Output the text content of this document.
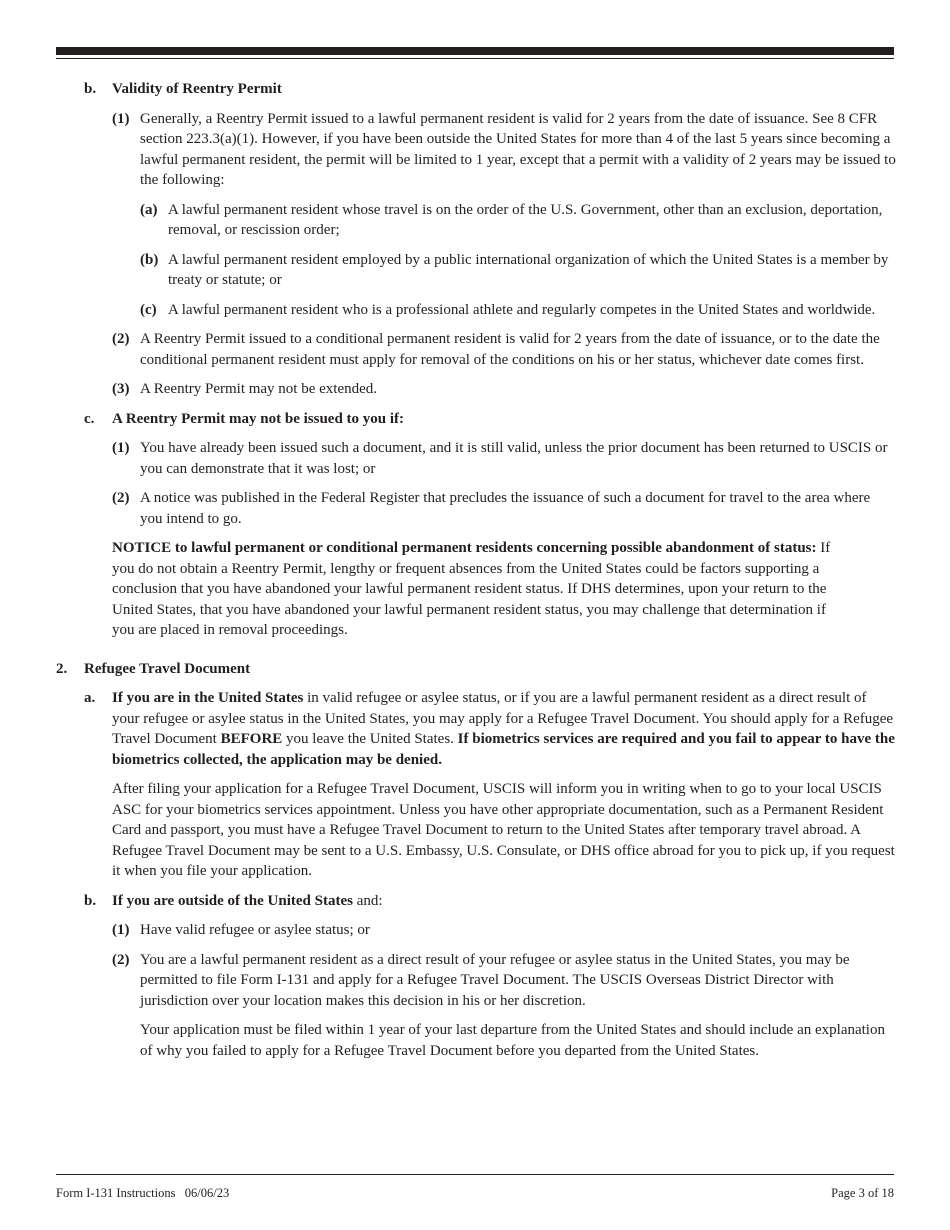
b.	Validity of Reentry Permit
(1) Generally, a Reentry Permit issued to a lawful permanent resident is valid for 2 years from the date of issuance. See 8 CFR section 223.3(a)(1). However, if you have been outside the United States for more than 4 of the last 5 years since becoming a lawful permanent resident, the permit will be limited to 1 year, except that a permit with a validity of 2 years may be issued to the following:
(a) A lawful permanent resident whose travel is on the order of the U.S. Government, other than an exclusion, deportation, removal, or rescission order;
(b) A lawful permanent resident employed by a public international organization of which the United States is a member by treaty or statute; or
(c) A lawful permanent resident who is a professional athlete and regularly competes in the United States and worldwide.
(2) A Reentry Permit issued to a conditional permanent resident is valid for 2 years from the date of issuance, or to the date the conditional permanent resident must apply for removal of the conditions on his or her status, whichever date comes first.
(3) A Reentry Permit may not be extended.
c.	A Reentry Permit may not be issued to you if:
(1) You have already been issued such a document, and it is still valid, unless the prior document has been returned to USCIS or you can demonstrate that it was lost; or
(2) A notice was published in the Federal Register that precludes the issuance of such a document for travel to the area where you intend to go.
NOTICE to lawful permanent or conditional permanent residents concerning possible abandonment of status: If you do not obtain a Reentry Permit, lengthy or frequent absences from the United States could be factors supporting a conclusion that you have abandoned your lawful permanent resident status. If DHS determines, upon your return to the United States, that you have abandoned your lawful permanent resident status, you may challenge that determination if you are placed in removal proceedings.
2.	Refugee Travel Document
a.	If you are in the United States in valid refugee or asylee status, or if you are a lawful permanent resident as a direct result of your refugee or asylee status in the United States, you may apply for a Refugee Travel Document. You should apply for a Refugee Travel Document BEFORE you leave the United States. If biometrics services are required and you fail to appear to have the biometrics collected, the application may be denied.
After filing your application for a Refugee Travel Document, USCIS will inform you in writing when to go to your local USCIS ASC for your biometrics services appointment. Unless you have other appropriate documentation, such as a Permanent Resident Card and passport, you must have a Refugee Travel Document to return to the United States after temporary travel abroad. A Refugee Travel Document may be sent to a U.S. Embassy, U.S. Consulate, or DHS office abroad for you to pick up, if you request it when you file your application.
b.	If you are outside of the United States and:
(1) Have valid refugee or asylee status; or
(2) You are a lawful permanent resident as a direct result of your refugee or asylee status in the United States, you may be permitted to file Form I-131 and apply for a Refugee Travel Document. The USCIS Overseas District Director with jurisdiction over your location makes this decision in his or her discretion.
Your application must be filed within 1 year of your last departure from the United States and should include an explanation of why you failed to apply for a Refugee Travel Document before you departed from the United States.
Form I-131 Instructions   06/06/23	Page 3 of 18
